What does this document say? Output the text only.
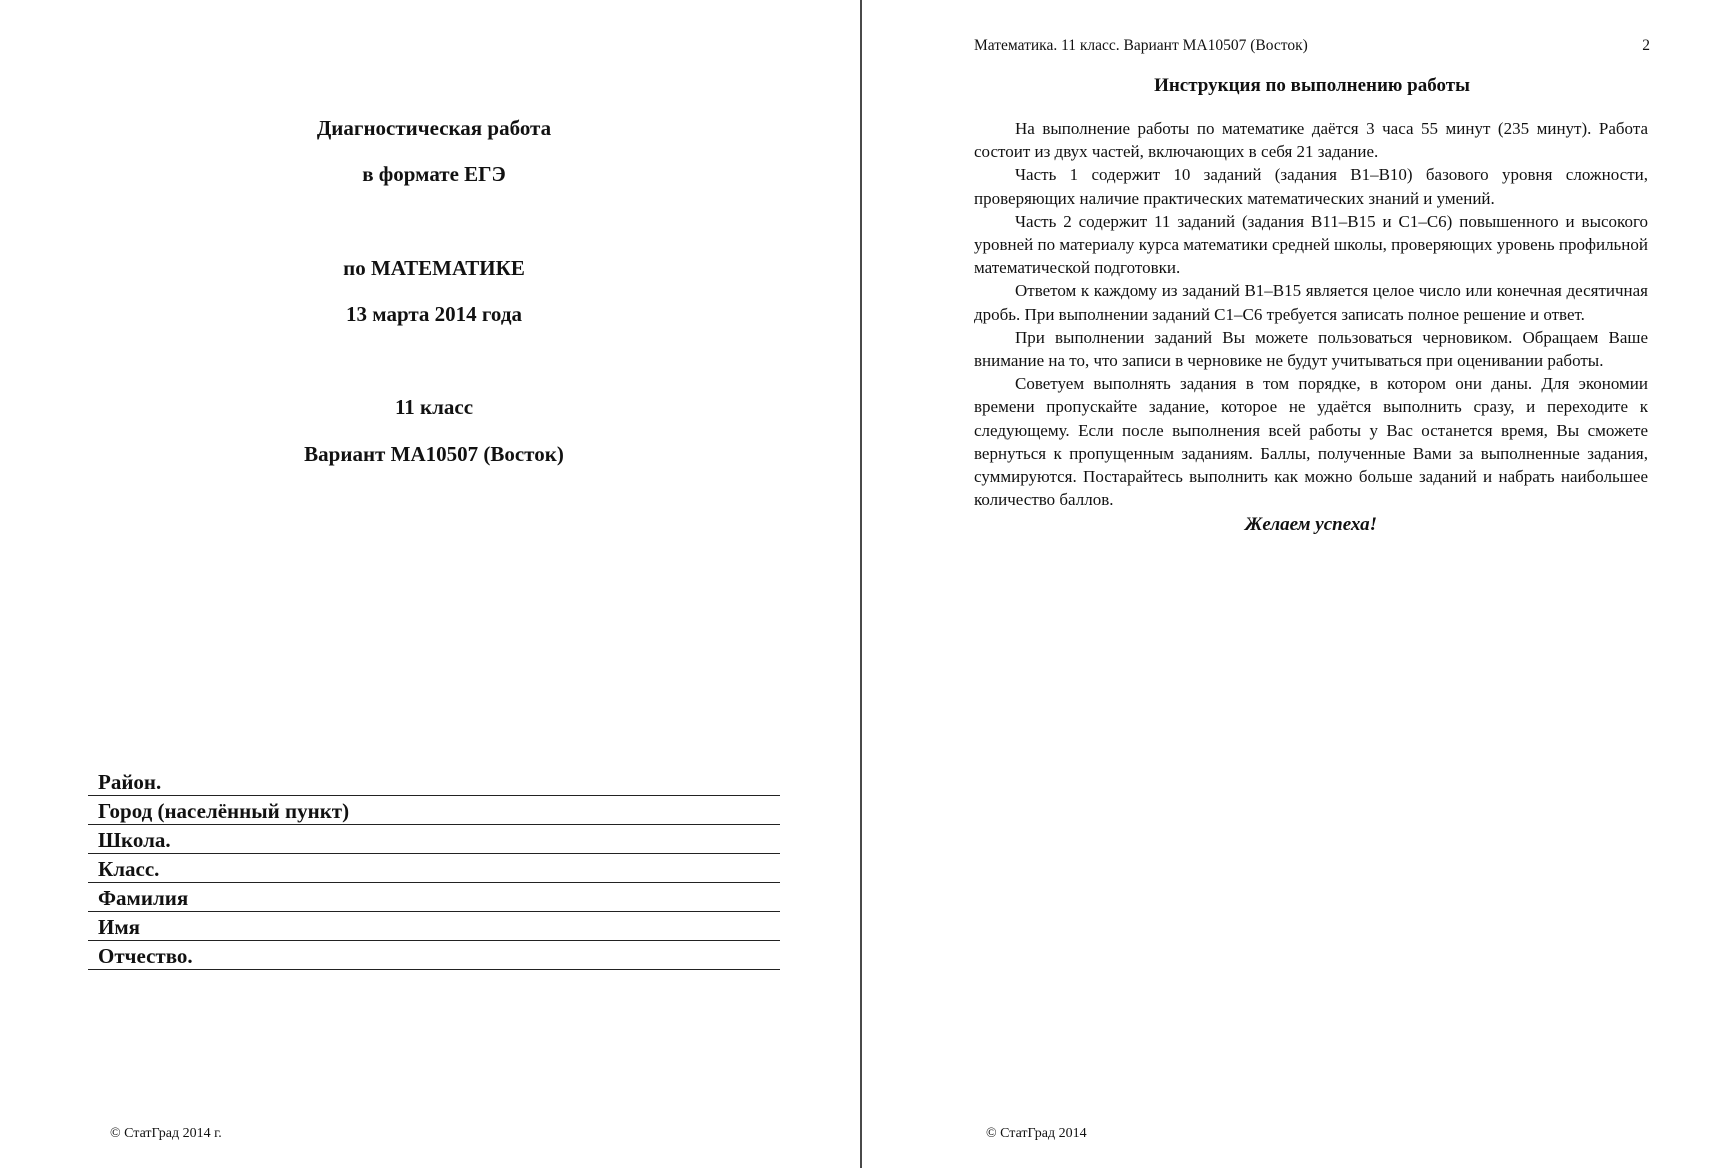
Диагностическая работа
в формате ЕГЭ
по МАТЕМАТИКЕ
13 марта 2014 года
11 класс
Вариант МА10507 (Восток)
Район.
Город (населённый пункт)
Школа.
Класс.
Фамилия
Имя
Отчество.
© СтатГрад 2014 г.
Математика. 11 класс. Вариант МА10507 (Восток)	2
Инструкция по выполнению работы

На выполнение работы по математике даётся 3 часа 55 минут (235 минут). Работа состоит из двух частей, включающих в себя 21 задание.

Часть 1 содержит 10 заданий (задания В1–В10) базового уровня сложности, проверяющих наличие практических математических знаний и умений.

Часть 2 содержит 11 заданий (задания В11–В15 и С1–С6) повышенного и высокого уровней по материалу курса математики средней школы, проверяющих уровень профильной математической подготовки.

Ответом к каждому из заданий В1–В15 является целое число или конечная десятичная дробь. При выполнении заданий С1–С6 требуется записать полное решение и ответ.

При выполнении заданий Вы можете пользоваться черновиком. Обращаем Ваше внимание на то, что записи в черновике не будут учитываться при оценивании работы.

Советуем выполнять задания в том порядке, в котором они даны. Для экономии времени пропускайте задание, которое не удаётся выполнить сразу, и переходите к следующему. Если после выполнения всей работы у Вас останется время, Вы сможете вернуться к пропущенным заданиям. Баллы, полученные Вами за выполненные задания, суммируются. Постарайтесь выполнить как можно больше заданий и набрать наибольшее количество баллов.

Желаем успеха!
© СтатГрад 2014
